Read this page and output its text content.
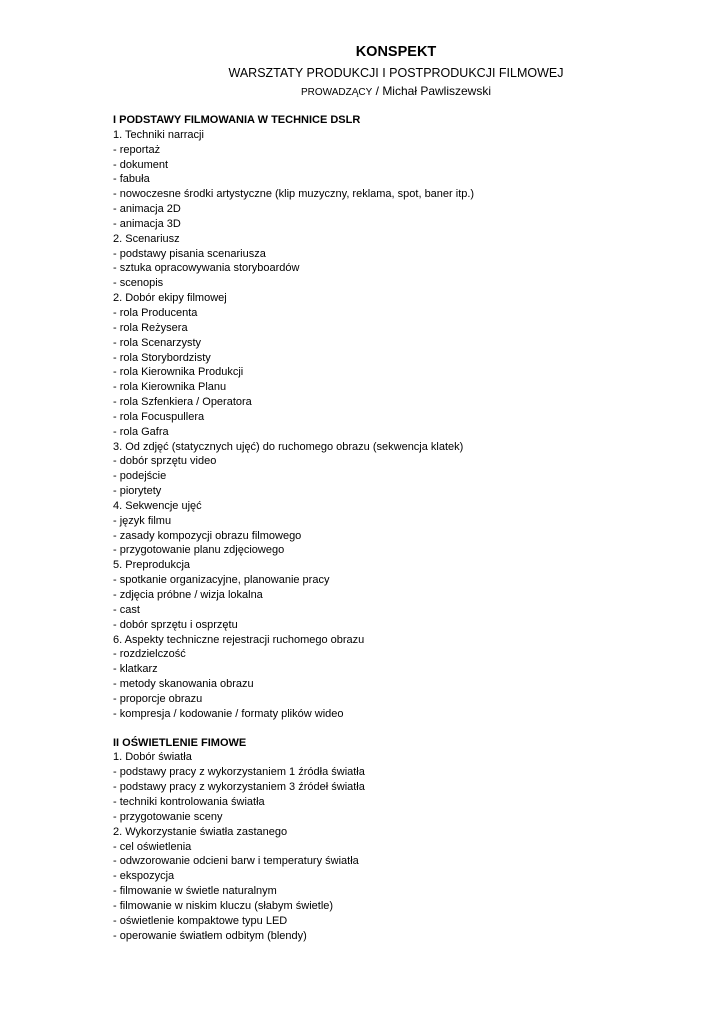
KONSPEKT
WARSZTATY PRODUKCJI I POSTPRODUKCJI FILMOWEJ
PROWADZĄCY / Michał Pawliszewski
I PODSTAWY FILMOWANIA W TECHNICE DSLR
1. Techniki narracji
- reportaż
- dokument
- fabuła
- nowoczesne środki artystyczne (klip muzyczny, reklama, spot, baner itp.)
- animacja 2D
- animacja 3D
2. Scenariusz
- podstawy pisania scenariusza
- sztuka opracowywania storyboardów
- scenopis
2. Dobór ekipy filmowej
- rola Producenta
- rola Reżysera
- rola Scenarzysty
- rola Storybordzisty
- rola Kierownika Produkcji
- rola Kierownika Planu
- rola Szfenkiera / Operatora
- rola Focuspullera
- rola Gafra
3. Od zdjęć (statycznych ujęć) do ruchomego obrazu (sekwencja klatek)
- dobór sprzętu video
- podejście
- piorytety
4. Sekwencje ujęć
- język filmu
- zasady kompozycji obrazu filmowego
- przygotowanie planu zdjęciowego
5. Preprodukcja
- spotkanie organizacyjne, planowanie pracy
- zdjęcia próbne / wizja lokalna
- cast
- dobór sprzętu i osprzętu
6. Aspekty techniczne rejestracji ruchomego obrazu
- rozdzielczość
- klatkarz
- metody skanowania obrazu
- proporcje obrazu
- kompresja / kodowanie / formaty plików wideo
II OŚWIETLENIE FIMOWE
1. Dobór światła
- podstawy pracy z wykorzystaniem 1 źródła światła
- podstawy pracy z wykorzystaniem 3 źródeł światła
- techniki kontrolowania światła
- przygotowanie sceny
2. Wykorzystanie światła zastanego
- cel oświetlenia
- odwzorowanie odcieni barw i temperatury światła
- ekspozycja
- filmowanie w świetle naturalnym
- filmowanie w niskim kluczu (słabym świetle)
- oświetlenie kompaktowe typu LED
- operowanie światłem odbitym (blendy)
